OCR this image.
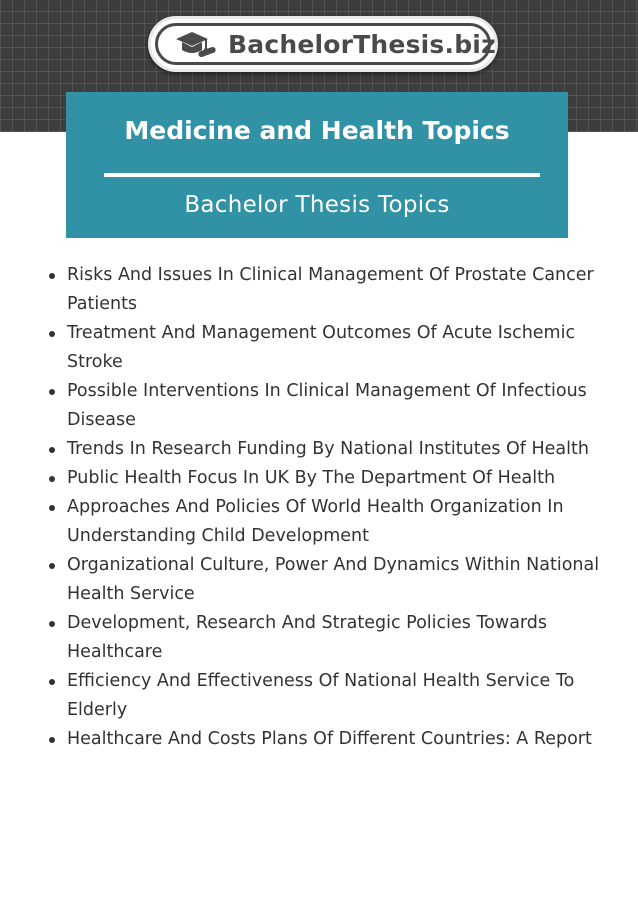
BachelorThesis.biz
Medicine and Health Topics
Bachelor Thesis Topics
Risks And Issues In Clinical Management Of Prostate Cancer Patients
Treatment And Management Outcomes Of Acute Ischemic Stroke
Possible Interventions In Clinical Management Of Infectious Disease
Trends In Research Funding By National Institutes Of Health
Public Health Focus In UK By The Department Of Health
Approaches And Policies Of World Health Organization In Understanding Child Development
Organizational Culture, Power And Dynamics Within National Health Service
Development, Research And Strategic Policies Towards Healthcare
Efficiency And Effectiveness Of National Health Service To Elderly
Healthcare And Costs Plans Of Different Countries: A Report
